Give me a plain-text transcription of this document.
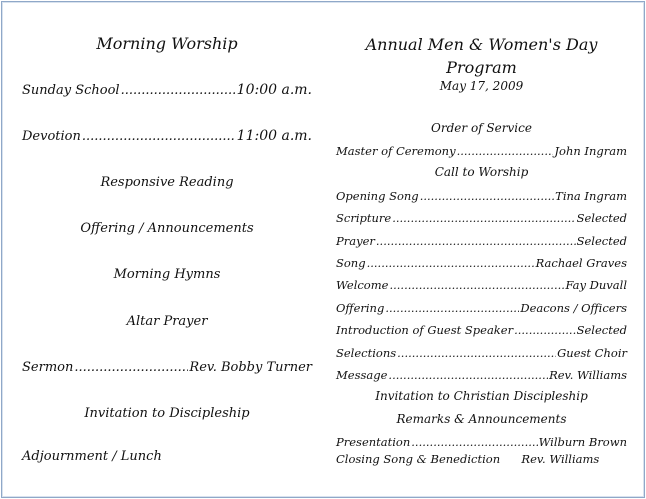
Morning Worship
Sunday School .....	10:00 a.m.
Devotion .....	11:00 a.m.
Responsive Reading
Offering / Announcements
Morning Hymns
Altar Prayer
Sermon .....	Rev. Bobby Turner
Invitation to Discipleship
Adjournment / Lunch
Annual Men & Women's Day
Program
May 17, 2009
Order of Service
Master of Ceremony .....	John Ingram
Call to Worship
Opening Song .....	Tina Ingram
Scripture .....	Selected
Prayer .....	Selected
Song .....	Rachael Graves
Welcome .....	Fay Duvall
Offering .....	Deacons / Officers
Introduction of Guest Speaker .....	Selected
Selections .....	Guest Choir
Message .....	Rev. Williams
Invitation to Christian Discipleship
Remarks & Announcements
Presentation .....	Wilburn Brown
Closing Song & Benediction Rev. Williams
